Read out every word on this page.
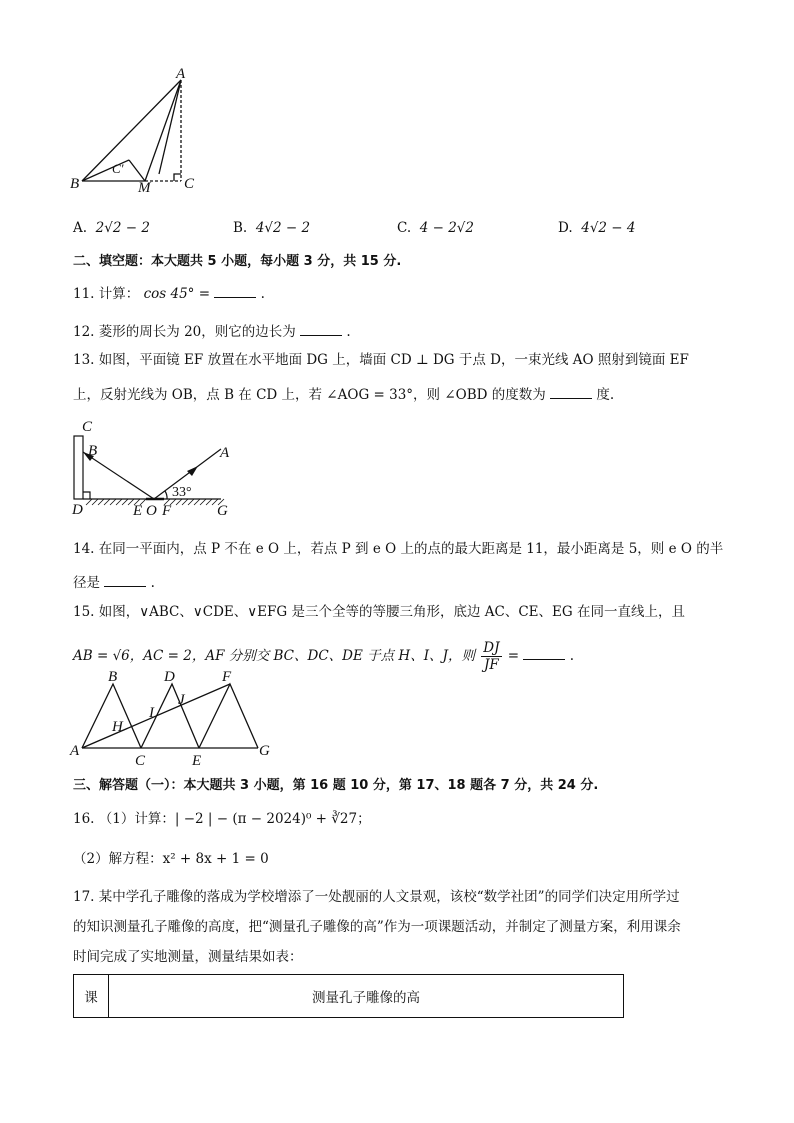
A
C'
B	M C
A. 2√2 − 2	B. 4√2 − 2	C. 4 − 2√2	D. 4√2 − 4
二、填空题：本大题共 5 小题，每小题 3 分，共 15 分.
11. 计算： cos 45° =	.
12. 菱形的周长为 20，则它的边长为	.
13. 如图，平面镜 EF 放置在水平地面 DG 上，墙面 CD ⊥ DG 于点 D，一束光线 AO 照射到镜面 EF
上，反射光线为 OB，点 B 在 CD 上，若 ∠AOG = 33°，则 ∠OBD 的度数为	度.
C
B	A
D	E O F	G
33°
14. 在同一平面内，点 P 不在 e O 上，若点 P 到 e O 上的点的最大距离是 11，最小距离是 5，则 e O 的半
径是	.
15. 如图，∨ABC、∨CDE、∨EFG 是三个全等的等腰三角形，底边 AC、CE、EG 在同一直线上，且
AB = √6，AC = 2，AF 分别交 BC、DC、DE 于点 H、I、J，则 $\frac{DJ}{JF}$ =	.
B	D	F
H
I
J
A
C	E
G
三、解答题（一）：本大题共 3 小题，第 16 题 10 分，第 17、18 题各 7 分，共 24 分.
16. （1）计算：| −2 | − (π − 2024)⁰ + ∛27；
（2）解方程：x² + 8x + 1 = 0
17. 某中学孔子雕像的落成为学校增添了一处靓丽的人文景观，该校“数学社团”的同学们决定用所学过
的知识测量孔子雕像的高度，把“测量孔子雕像的高”作为一项课题活动，并制定了测量方案，利用课余
时间完成了实地测量，测量结果如表：
课	测量孔子雕像的高
